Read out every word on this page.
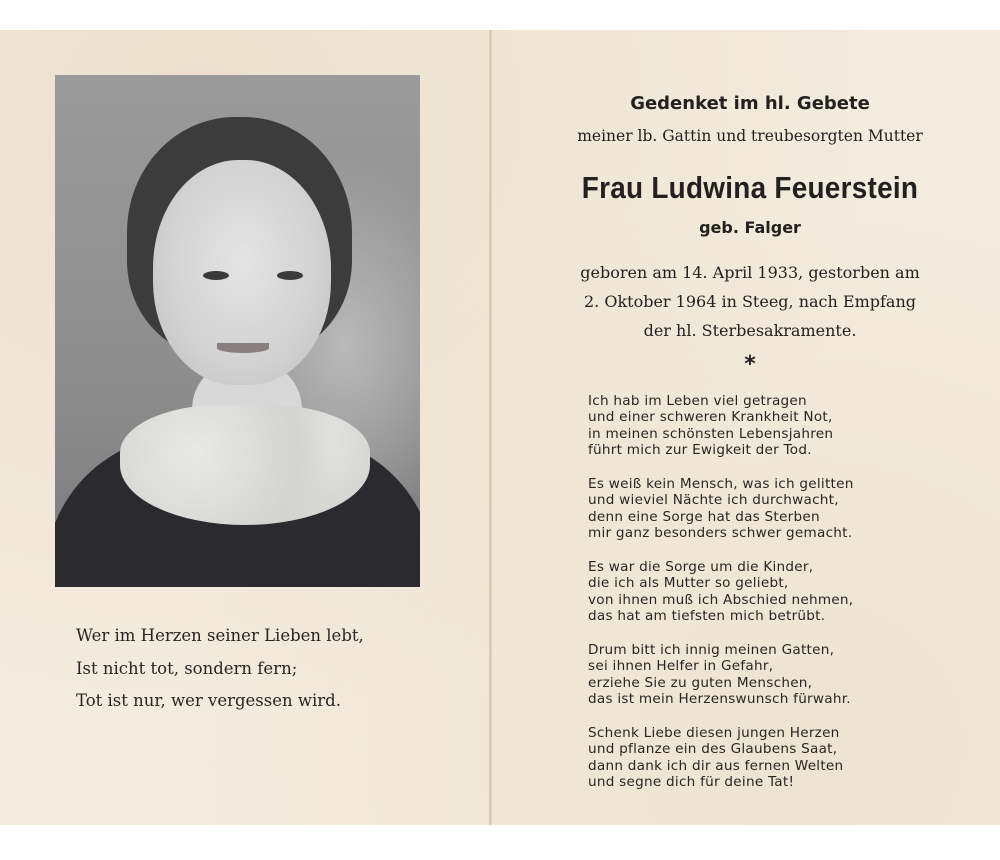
Wer im Herzen seiner Lieben lebt,
Ist nicht tot, sondern fern;
Tot ist nur, wer vergessen wird.
Gedenket im hl. Gebete
meiner lb. Gattin und treubesorgten Mutter
Frau Ludwina Feuerstein
geb. Falger
geboren am 14. April 1933, gestorben am
2. Oktober 1964 in Steeg, nach Empfang
der hl. Sterbesakramente.
*
Ich hab im Leben viel getragen
und einer schweren Krankheit Not,
in meinen schönsten Lebensjahren
führt mich zur Ewigkeit der Tod.
Es weiß kein Mensch, was ich gelitten
und wieviel Nächte ich durchwacht,
denn eine Sorge hat das Sterben
mir ganz besonders schwer gemacht.
Es war die Sorge um die Kinder,
die ich als Mutter so geliebt,
von ihnen muß ich Abschied nehmen,
das hat am tiefsten mich betrübt.
Drum bitt ich innig meinen Gatten,
sei ihnen Helfer in Gefahr,
erziehe Sie zu guten Menschen,
das ist mein Herzenswunsch fürwahr.
Schenk Liebe diesen jungen Herzen
und pflanze ein des Glaubens Saat,
dann dank ich dir aus fernen Welten
und segne dich für deine Tat!
